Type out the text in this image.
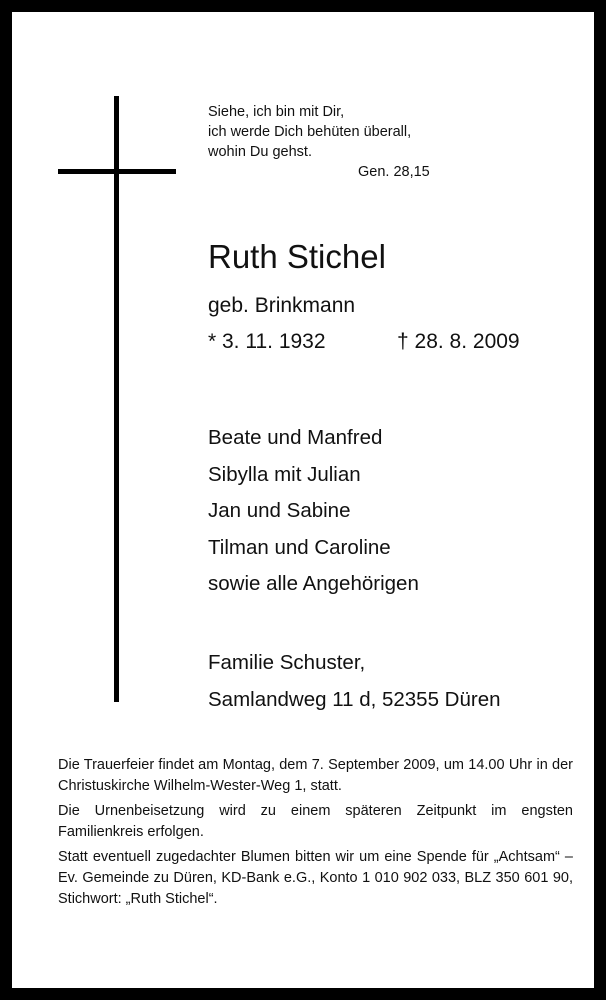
Siehe, ich bin mit Dir,
ich werde Dich behüten überall,
wohin Du gehst.
Gen. 28,15
Ruth Stichel
geb. Brinkmann
* 3. 11. 1932	† 28. 8. 2009
Beate und Manfred
Sibylla mit Julian
Jan und Sabine
Tilman und Caroline
sowie alle Angehörigen
Familie Schuster,
Samlandweg 11 d, 52355 Düren

Die Trauerfeier findet am Montag, dem 7. September 2009, um 14.00 Uhr in der Christuskirche Wilhelm-Wester-Weg 1, statt.

Die Urnenbeisetzung wird zu einem späteren Zeitpunkt im engsten Familienkreis erfolgen.

Statt eventuell zugedachter Blumen bitten wir um eine Spende für „Achtsam“ – Ev. Gemeinde zu Düren, KD-Bank e.G., Konto 1 010 902 033, BLZ 350 601 90, Stichwort: „Ruth Stichel“.
